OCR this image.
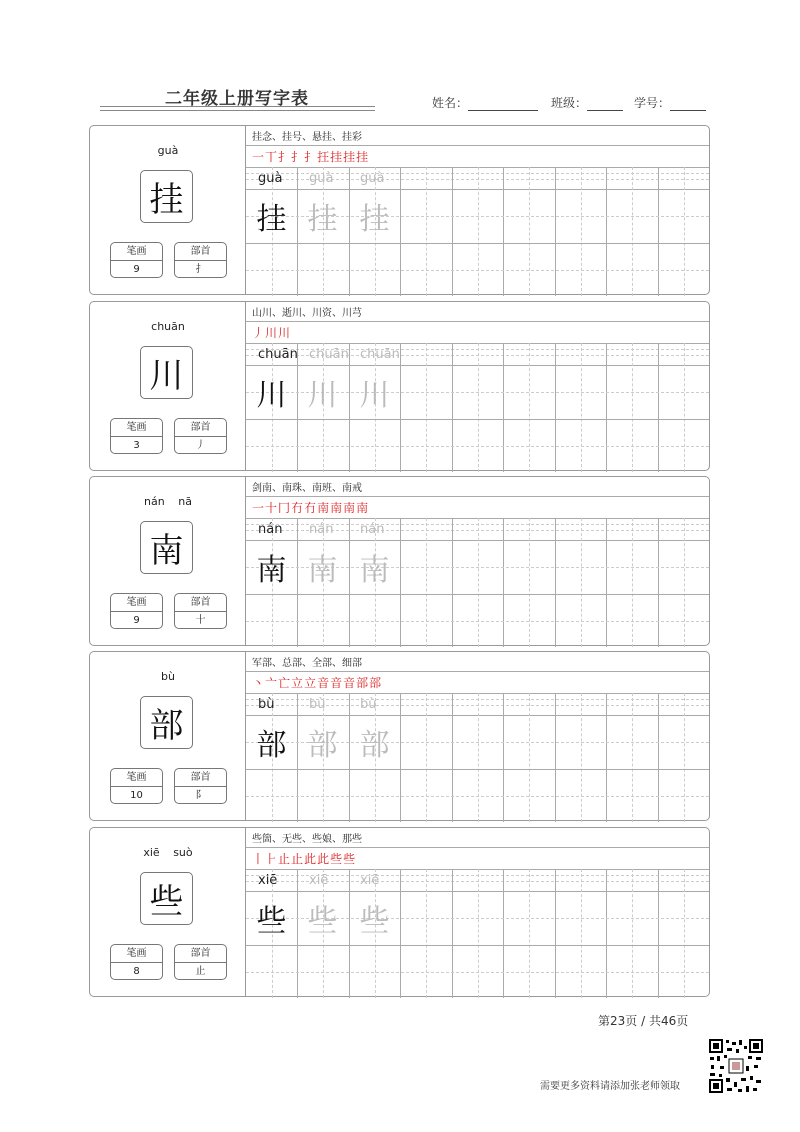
二年级上册写字表	姓名：	班级：	学号：
guà
挂
笔画
9
部首
扌
挂念、挂号、悬挂、挂彩
一丅扌扌扌抂挂挂挂
guà guà guà
挂 挂 挂
chuān
川
笔画
3
部首
丿
山川、逝川、川资、川芎
丿川川
chuān chuān chuān
川 川 川
nán nā
南
笔画
9
部首
十
剑南、南珠、南班、南戒
一十冂冇冇南南南南
nán nán nán
南 南 南
bù
部
笔画
10
部首
阝
军部、总部、全部、细部
丶亠亡立立音音音部部
bù	bù	bù
部 部 部
xiē suò
些
笔画
8
部首
止
些箇、无些、些娘、那些
丨⺊止止此此些些
xiē xiē xiē
些 些 些
第23页 / 共46页
需要更多资料请添加张老师领取
